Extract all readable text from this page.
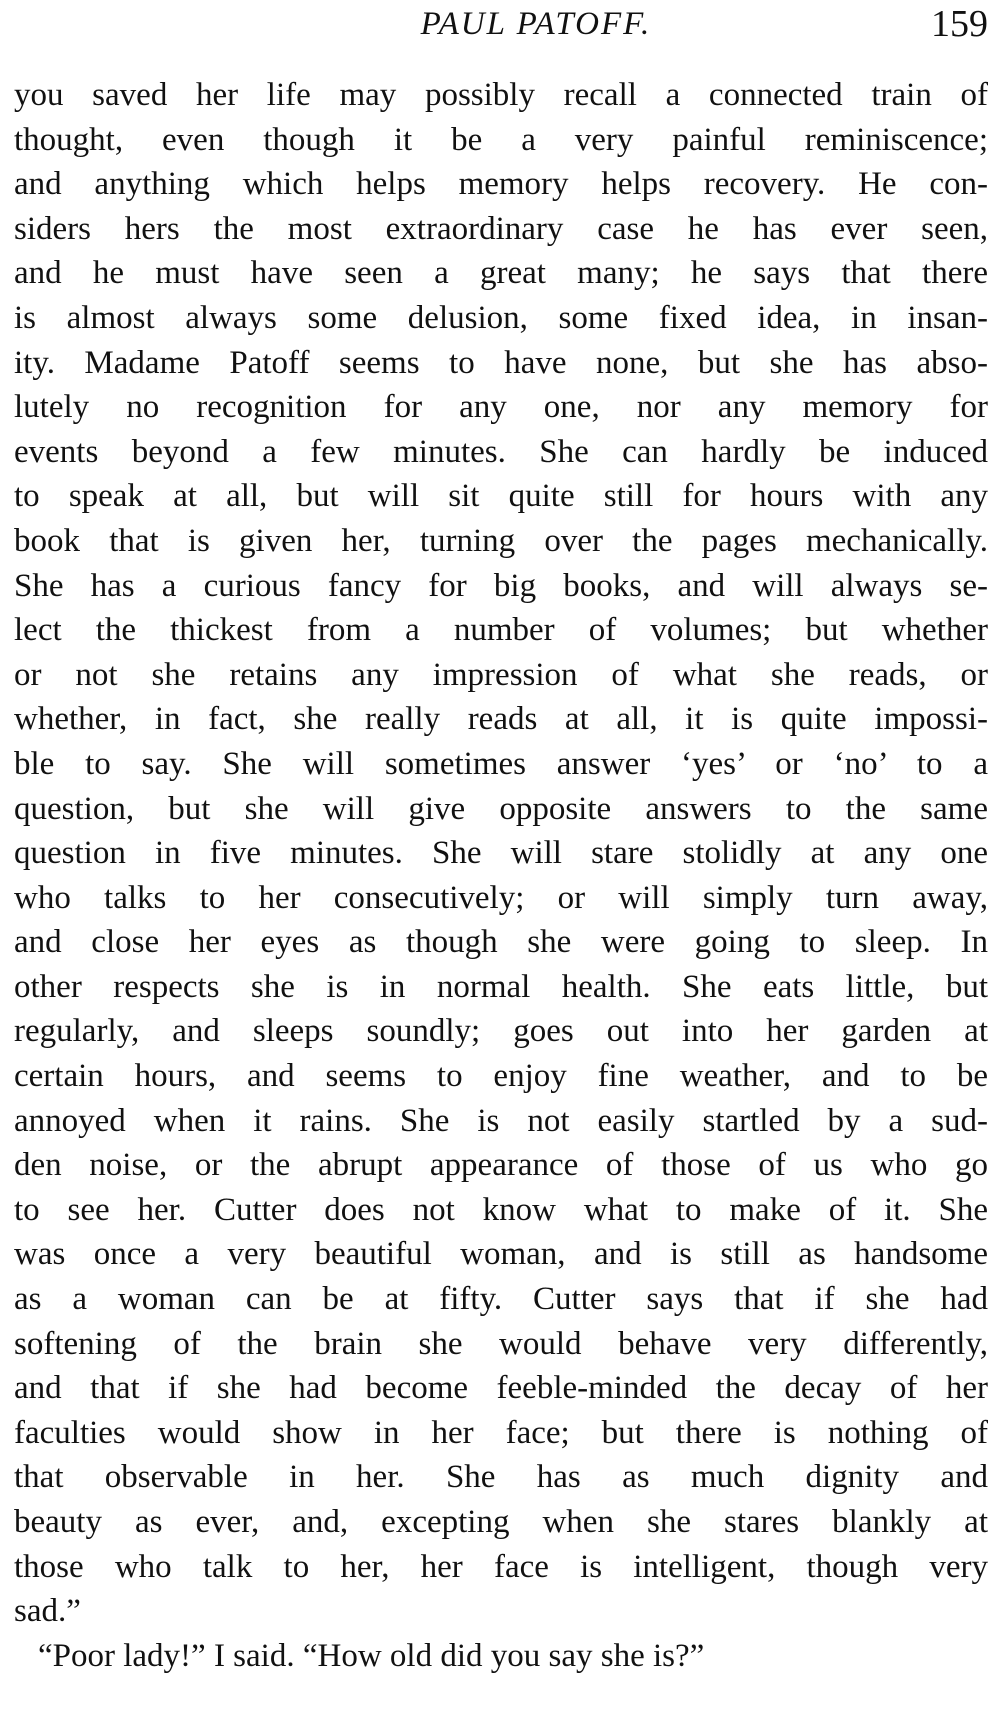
PAUL PATOFF.	159
you saved her life may possibly recall a connected train of
thought, even though it be a very painful reminiscence;
and anything which helps memory helps recovery. He con-
siders hers the most extraordinary case he has ever seen,
and he must have seen a great many; he says that there
is almost always some delusion, some fixed idea, in insan-
ity. Madame Patoff seems to have none, but she has abso-
lutely no recognition for any one, nor any memory for
events beyond a few minutes. She can hardly be induced
to speak at all, but will sit quite still for hours with any
book that is given her, turning over the pages mechanically.
She has a curious fancy for big books, and will always se-
lect the thickest from a number of volumes; but whether
or not she retains any impression of what she reads, or
whether, in fact, she really reads at all, it is quite impossi-
ble to say. She will sometimes answer ‘yes’ or ‘no’ to a
question, but she will give opposite answers to the same
question in five minutes. She will stare stolidly at any one
who talks to her consecutively; or will simply turn away,
and close her eyes as though she were going to sleep. In
other respects she is in normal health. She eats little, but
regularly, and sleeps soundly; goes out into her garden at
certain hours, and seems to enjoy fine weather, and to be
annoyed when it rains. She is not easily startled by a sud-
den noise, or the abrupt appearance of those of us who go
to see her. Cutter does not know what to make of it. She
was once a very beautiful woman, and is still as handsome
as a woman can be at fifty. Cutter says that if she had
softening of the brain she would behave very differently,
and that if she had become feeble-minded the decay of her
faculties would show in her face; but there is nothing of
that observable in her. She has as much dignity and
beauty as ever, and, excepting when she stares blankly at
those who talk to her, her face is intelligent, though very
sad.”
“Poor lady!” I said. “How old did you say she is?”
